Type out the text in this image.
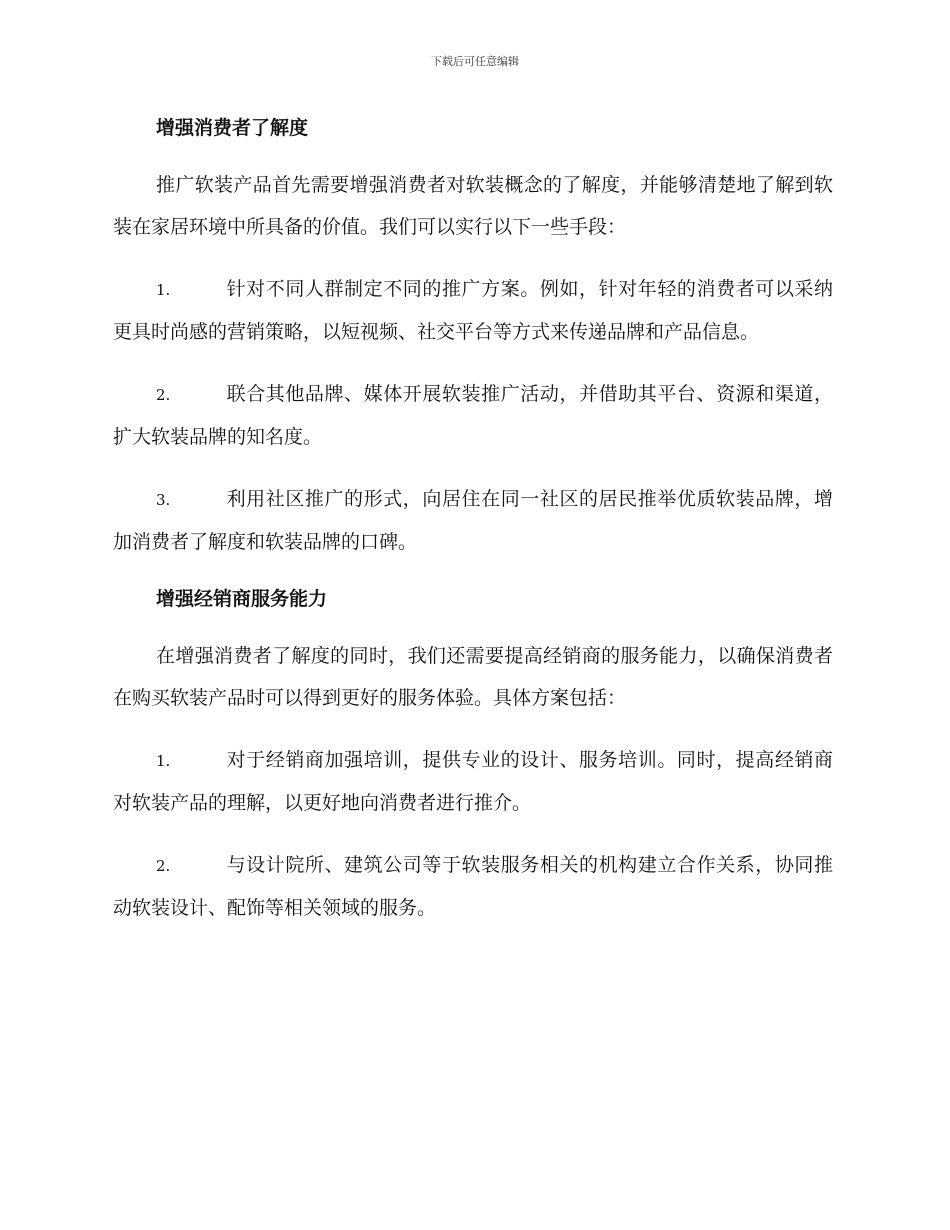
下载后可任意编辑
增强消费者了解度

推广软装产品首先需要增强消费者对软装概念的了解度，并能够清楚地了解到软装在家居环境中所具备的价值。我们可以实行以下一些手段：

1.	针对不同人群制定不同的推广方案。例如，针对年轻的消费者可以采纳更具时尚感的营销策略，以短视频、社交平台等方式来传递品牌和产品信息。

2.	联合其他品牌、媒体开展软装推广活动，并借助其平台、资源和渠道，扩大软装品牌的知名度。

3.	利用社区推广的形式，向居住在同一社区的居民推举优质软装品牌，增加消费者了解度和软装品牌的口碑。

增强经销商服务能力

在增强消费者了解度的同时，我们还需要提高经销商的服务能力，以确保消费者在购买软装产品时可以得到更好的服务体验。具体方案包括：

1.	对于经销商加强培训，提供专业的设计、服务培训。同时，提高经销商对软装产品的理解，以更好地向消费者进行推介。

2.	与设计院所、建筑公司等于软装服务相关的机构建立合作关系，协同推动软装设计、配饰等相关领域的服务。
